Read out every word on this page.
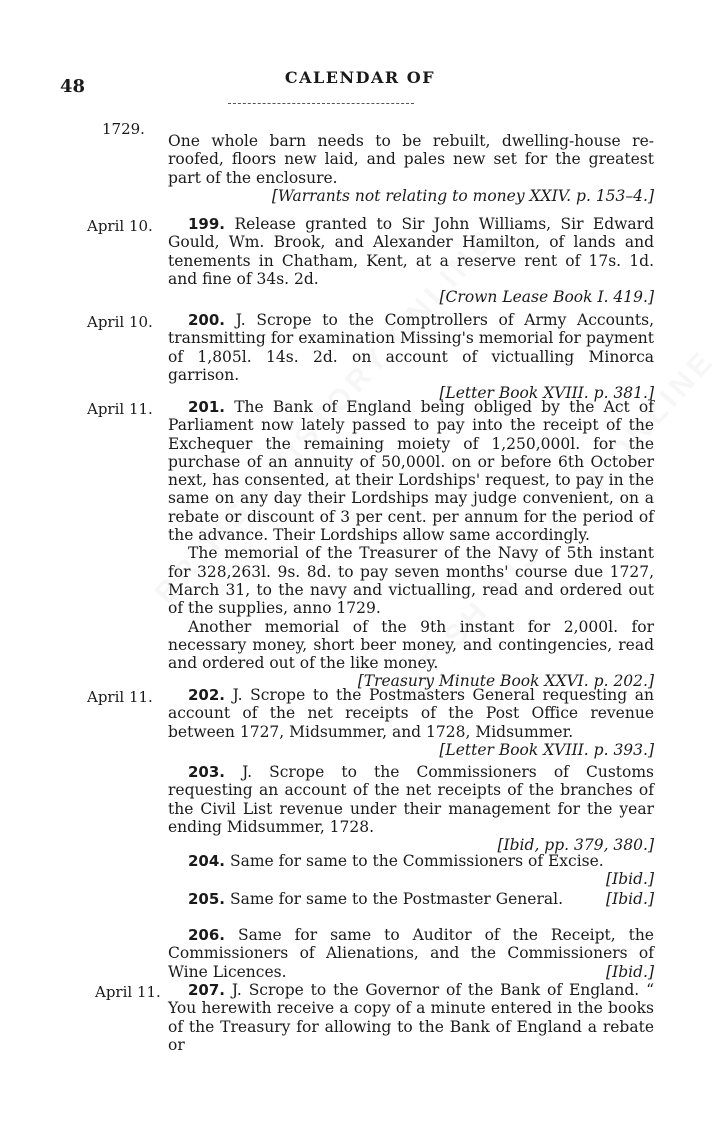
48	CALENDAR OF
1729.

One whole barn needs to be rebuilt, dwelling-house re-roofed, floors new laid, and pales new set for the greatest part of the enclosure.
[Warrants not relating to money XXIV. p. 153–4.]

April 10.	199. Release granted to Sir John Williams, Sir Edward Gould, Wm. Brook, and Alexander Hamilton, of lands and tenements in Chatham, Kent, at a reserve rent of 17s. 1d. and fine of 34s. 2d.
[Crown Lease Book I. 419.]

April 10.	200. J. Scrope to the Comptrollers of Army Accounts, transmitting for examination Missing's memorial for payment of 1,805l. 14s. 2d. on account of victualling Minorca garrison.
[Letter Book XVIII. p. 381.]

April 11.	201. The Bank of England being obliged by the Act of Parliament now lately passed to pay into the receipt of the Exchequer the remaining moiety of 1,250,000l. for the purchase of an annuity of 50,000l. on or before 6th October next, has consented, at their Lordships' request, to pay in the same on any day their Lordships may judge convenient, on a rebate or discount of 3 per cent. per annum for the period of the advance. Their Lordships allow same accordingly.

The memorial of the Treasurer of the Navy of 5th instant for 328,263l. 9s. 8d. to pay seven months' course due 1727, March 31, to the navy and victualling, read and ordered out of the supplies, anno 1729.

Another memorial of the 9th instant for 2,000l. for necessary money, short beer money, and contingencies, read and ordered out of the like money.
[Treasury Minute Book XXVI. p. 202.]

April 11.	202. J. Scrope to the Postmasters General requesting an account of the net receipts of the Post Office revenue between 1727, Midsummer, and 1728, Midsummer.
[Letter Book XVIII. p. 393.]

203. J. Scrope to the Commissioners of Customs requesting an account of the net receipts of the branches of the Civil List revenue under their management for the year ending Midsummer, 1728.
[Ibid, pp. 379, 380.]

204. Same for same to the Commissioners of Excise.
[Ibid.]

205. Same for same to the Postmaster General.	[Ibid.]

206. Same for same to Auditor of the Receipt, the Commissioners of Alienations, and the Commissioners of Wine Licences.	[Ibid.]

April 11.	207. J. Scrope to the Governor of the Bank of England. “ You herewith receive a copy of a minute entered in the books of the Treasury for allowing to the Bank of England a rebate or
